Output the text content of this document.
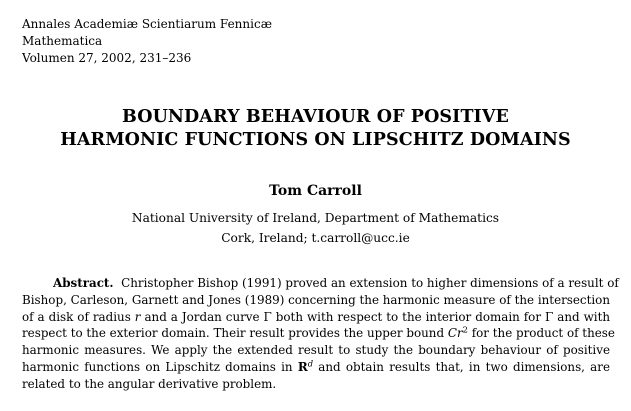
Annales Academiæ Scientiarum Fennicæ
Mathematica
Volumen 27, 2002, 231–236
BOUNDARY BEHAVIOUR OF POSITIVE
HARMONIC FUNCTIONS ON LIPSCHITZ DOMAINS
Tom Carroll
National University of Ireland, Department of Mathematics
Cork, Ireland; t.carroll@ucc.ie
Abstract. Christopher Bishop (1991) proved an extension to higher dimensions of a result of
Bishop, Carleson, Garnett and Jones (1989) concerning the harmonic measure of the intersection
of a disk of radius r and a Jordan curve Γ both with respect to the interior domain for Γ and with
respect to the exterior domain. Their result provides the upper bound Cr$^2$ for the product of these
harmonic measures. We apply the extended result to study the boundary behaviour of positive
harmonic functions on Lipschitz domains in $R^d$ and obtain results that, in two dimensions, are
related to the angular derivative problem.
